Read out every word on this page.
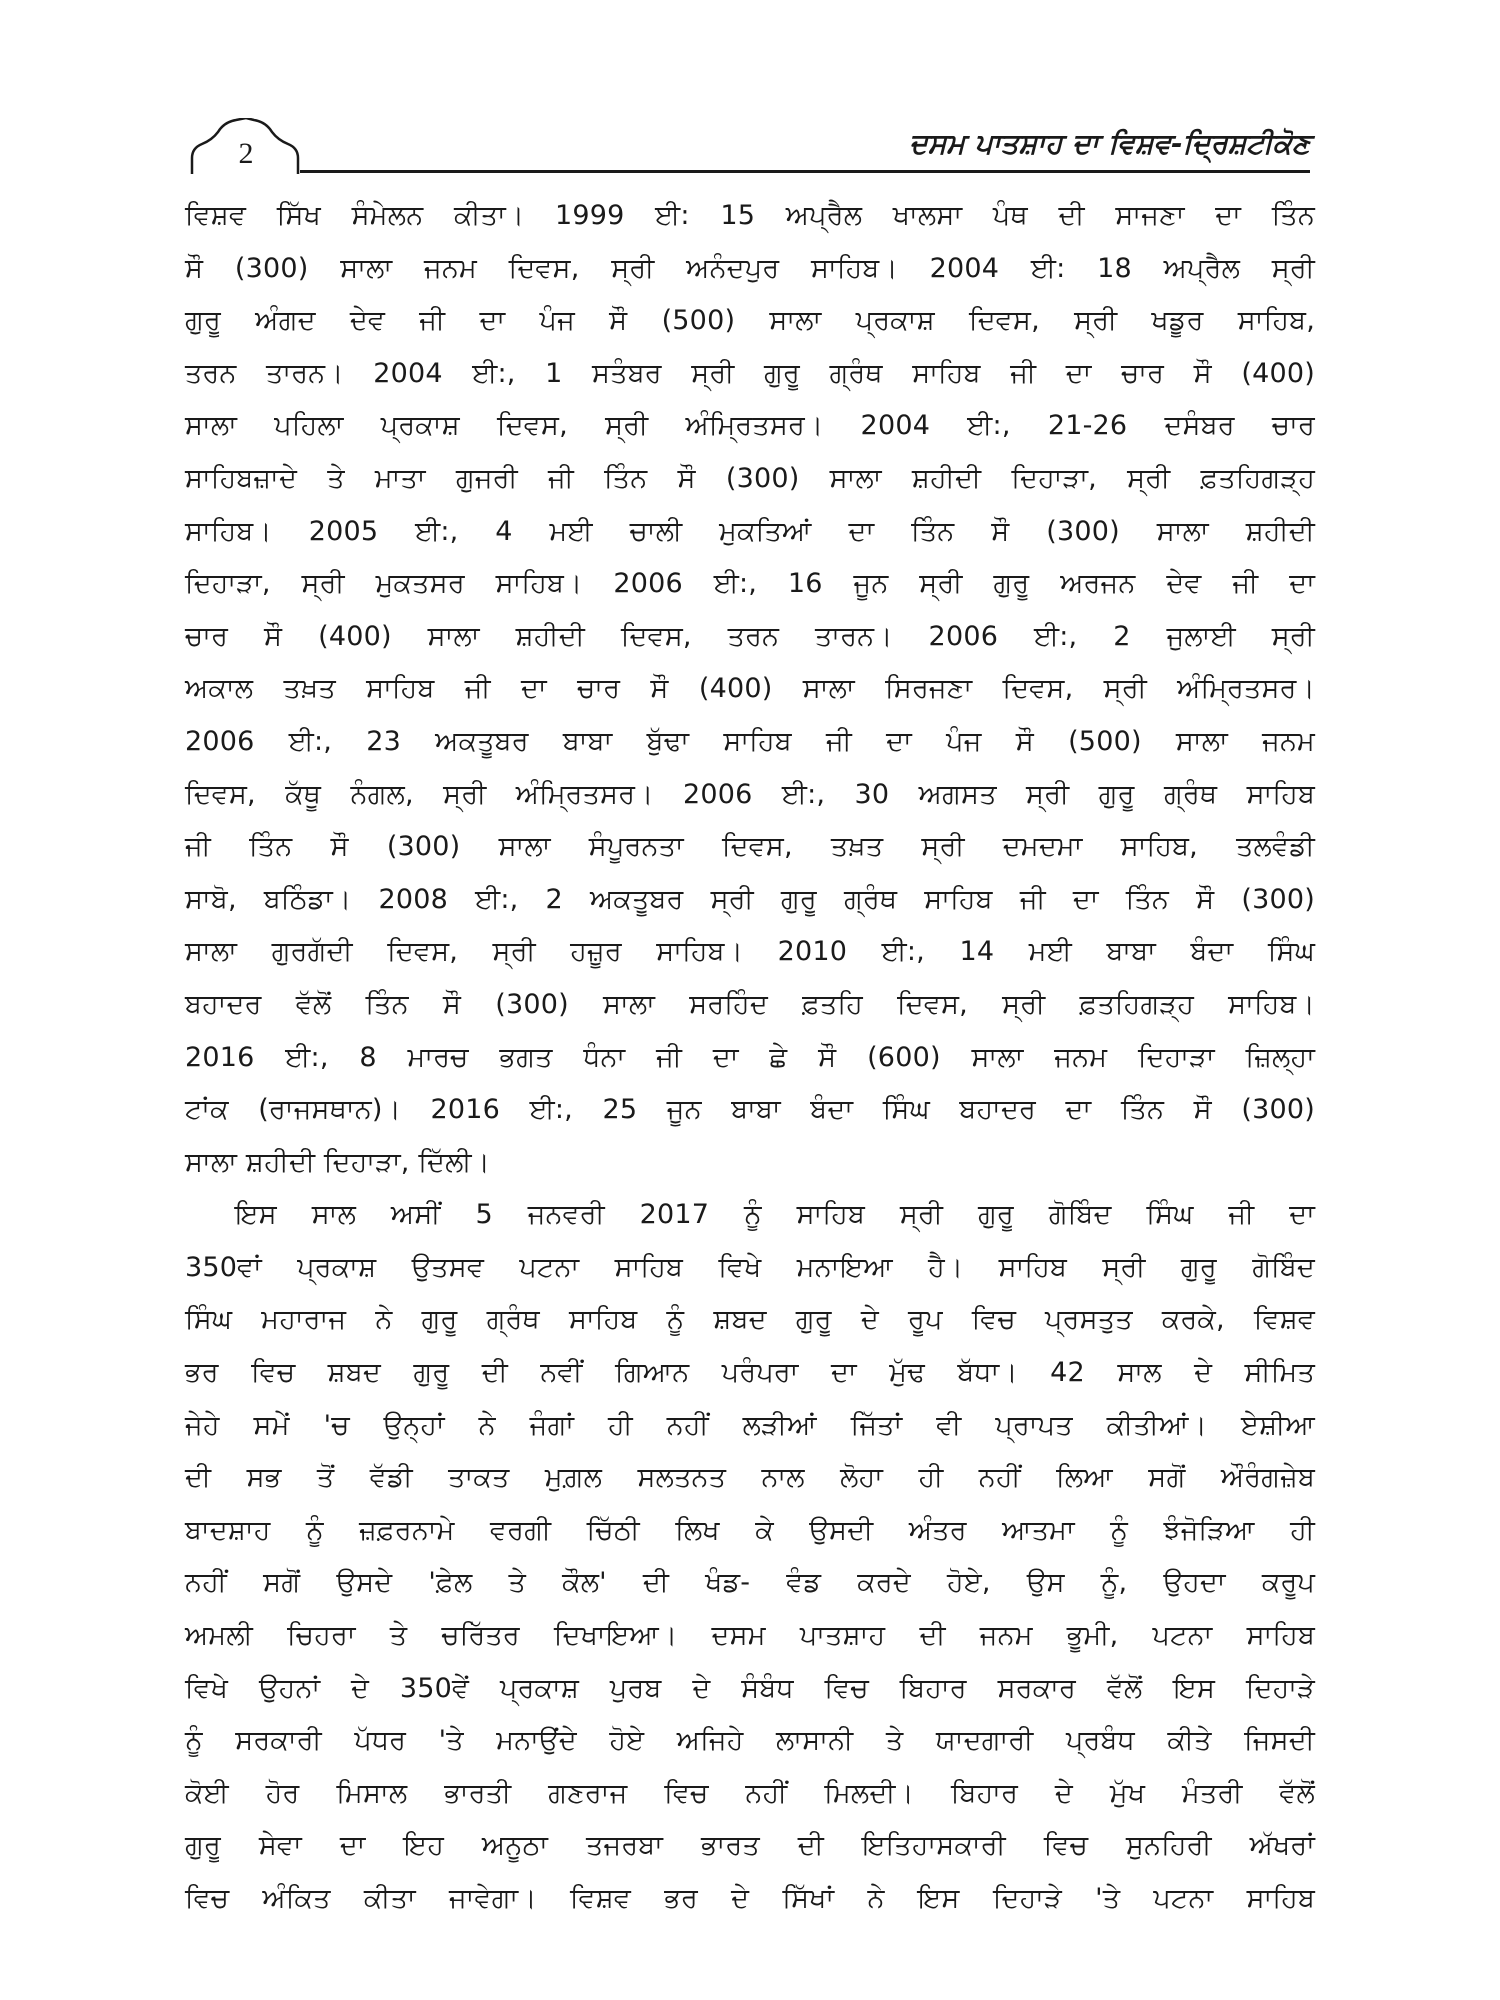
2	ਦਸਮ ਪਾਤਸ਼ਾਹ ਦਾ ਵਿਸ਼ਵ-ਦ੍ਰਿਸ਼ਟੀਕੋਣ

ਵਿਸ਼ਵ ਸਿੱਖ ਸੰਮੇਲਨ ਕੀਤਾ। 1999 ਈ: 15 ਅਪ੍ਰੈਲ ਖਾਲਸਾ ਪੰਥ ਦੀ ਸਾਜਣਾ ਦਾ ਤਿੰਨ
ਸੌ (300) ਸਾਲਾ ਜਨਮ ਦਿਵਸ, ਸ੍ਰੀ ਅਨੰਦਪੁਰ ਸਾਹਿਬ। 2004 ਈ: 18 ਅਪ੍ਰੈਲ ਸ੍ਰੀ
ਗੁਰੂ ਅੰਗਦ ਦੇਵ ਜੀ ਦਾ ਪੰਜ ਸੌ (500) ਸਾਲਾ ਪ੍ਰਕਾਸ਼ ਦਿਵਸ, ਸ੍ਰੀ ਖਡੂਰ ਸਾਹਿਬ,
ਤਰਨ ਤਾਰਨ। 2004 ਈ:, 1 ਸਤੰਬਰ ਸ੍ਰੀ ਗੁਰੂ ਗ੍ਰੰਥ ਸਾਹਿਬ ਜੀ ਦਾ ਚਾਰ ਸੌ (400)
ਸਾਲਾ ਪਹਿਲਾ ਪ੍ਰਕਾਸ਼ ਦਿਵਸ, ਸ੍ਰੀ ਅੰਮ੍ਰਿਤਸਰ। 2004 ਈ:, 21-26 ਦਸੰਬਰ ਚਾਰ
ਸਾਹਿਬਜ਼ਾਦੇ ਤੇ ਮਾਤਾ ਗੁਜਰੀ ਜੀ ਤਿੰਨ ਸੌ (300) ਸਾਲਾ ਸ਼ਹੀਦੀ ਦਿਹਾੜਾ, ਸ੍ਰੀ ਫ਼ਤਹਿਗੜ੍ਹ
ਸਾਹਿਬ। 2005 ਈ:, 4 ਮਈ ਚਾਲੀ ਮੁਕਤਿਆਂ ਦਾ ਤਿੰਨ ਸੌ (300) ਸਾਲਾ ਸ਼ਹੀਦੀ
ਦਿਹਾੜਾ, ਸ੍ਰੀ ਮੁਕਤਸਰ ਸਾਹਿਬ। 2006 ਈ:, 16 ਜੂਨ ਸ੍ਰੀ ਗੁਰੂ ਅਰਜਨ ਦੇਵ ਜੀ ਦਾ
ਚਾਰ ਸੌ (400) ਸਾਲਾ ਸ਼ਹੀਦੀ ਦਿਵਸ, ਤਰਨ ਤਾਰਨ। 2006 ਈ:, 2 ਜੁਲਾਈ ਸ੍ਰੀ
ਅਕਾਲ ਤਖ਼ਤ ਸਾਹਿਬ ਜੀ ਦਾ ਚਾਰ ਸੌ (400) ਸਾਲਾ ਸਿਰਜਣਾ ਦਿਵਸ, ਸ੍ਰੀ ਅੰਮ੍ਰਿਤਸਰ।
2006 ਈ:, 23 ਅਕਤੂਬਰ ਬਾਬਾ ਬੁੱਢਾ ਸਾਹਿਬ ਜੀ ਦਾ ਪੰਜ ਸੌ (500) ਸਾਲਾ ਜਨਮ
ਦਿਵਸ, ਕੱਥੂ ਨੰਗਲ, ਸ੍ਰੀ ਅੰਮ੍ਰਿਤਸਰ। 2006 ਈ:, 30 ਅਗਸਤ ਸ੍ਰੀ ਗੁਰੂ ਗ੍ਰੰਥ ਸਾਹਿਬ
ਜੀ ਤਿੰਨ ਸੌ (300) ਸਾਲਾ ਸੰਪੂਰਨਤਾ ਦਿਵਸ, ਤਖ਼ਤ ਸ੍ਰੀ ਦਮਦਮਾ ਸਾਹਿਬ, ਤਲਵੰਡੀ
ਸਾਬੋ, ਬਠਿੰਡਾ। 2008 ਈ:, 2 ਅਕਤੂਬਰ ਸ੍ਰੀ ਗੁਰੂ ਗ੍ਰੰਥ ਸਾਹਿਬ ਜੀ ਦਾ ਤਿੰਨ ਸੌ (300)
ਸਾਲਾ ਗੁਰਗੱਦੀ ਦਿਵਸ, ਸ੍ਰੀ ਹਜ਼ੂਰ ਸਾਹਿਬ। 2010 ਈ:, 14 ਮਈ ਬਾਬਾ ਬੰਦਾ ਸਿੰਘ
ਬਹਾਦਰ ਵੱਲੋਂ ਤਿੰਨ ਸੌ (300) ਸਾਲਾ ਸਰਹਿੰਦ ਫ਼ਤਹਿ ਦਿਵਸ, ਸ੍ਰੀ ਫ਼ਤਹਿਗੜ੍ਹ ਸਾਹਿਬ।
2016 ਈ:, 8 ਮਾਰਚ ਭਗਤ ਧੰਨਾ ਜੀ ਦਾ ਛੇ ਸੌ (600) ਸਾਲਾ ਜਨਮ ਦਿਹਾੜਾ ਜ਼ਿਲ੍ਹਾ
ਟਾਂਕ (ਰਾਜਸਥਾਨ)। 2016 ਈ:, 25 ਜੂਨ ਬਾਬਾ ਬੰਦਾ ਸਿੰਘ ਬਹਾਦਰ ਦਾ ਤਿੰਨ ਸੌ (300)
ਸਾਲਾ ਸ਼ਹੀਦੀ ਦਿਹਾੜਾ, ਦਿੱਲੀ।

ਇਸ ਸਾਲ ਅਸੀਂ 5 ਜਨਵਰੀ 2017 ਨੂੰ ਸਾਹਿਬ ਸ੍ਰੀ ਗੁਰੂ ਗੋਬਿੰਦ ਸਿੰਘ ਜੀ ਦਾ
350ਵਾਂ ਪ੍ਰਕਾਸ਼ ਉਤਸਵ ਪਟਨਾ ਸਾਹਿਬ ਵਿਖੇ ਮਨਾਇਆ ਹੈ। ਸਾਹਿਬ ਸ੍ਰੀ ਗੁਰੂ ਗੋਬਿੰਦ
ਸਿੰਘ ਮਹਾਰਾਜ ਨੇ ਗੁਰੂ ਗ੍ਰੰਥ ਸਾਹਿਬ ਨੂੰ ਸ਼ਬਦ ਗੁਰੂ ਦੇ ਰੂਪ ਵਿਚ ਪ੍ਰਸਤੁਤ ਕਰਕੇ, ਵਿਸ਼ਵ
ਭਰ ਵਿਚ ਸ਼ਬਦ ਗੁਰੂ ਦੀ ਨਵੀਂ ਗਿਆਨ ਪਰੰਪਰਾ ਦਾ ਮੁੱਢ ਬੱਧਾ। 42 ਸਾਲ ਦੇ ਸੀਮਿਤ
ਜੇਹੇ ਸਮੇਂ 'ਚ ਉਨ੍ਹਾਂ ਨੇ ਜੰਗਾਂ ਹੀ ਨਹੀਂ ਲੜੀਆਂ ਜਿੱਤਾਂ ਵੀ ਪ੍ਰਾਪਤ ਕੀਤੀਆਂ। ਏਸ਼ੀਆ
ਦੀ ਸਭ ਤੋਂ ਵੱਡੀ ਤਾਕਤ ਮੁਗ਼ਲ ਸਲਤਨਤ ਨਾਲ ਲੋਹਾ ਹੀ ਨਹੀਂ ਲਿਆ ਸਗੋਂ ਔਰੰਗਜ਼ੇਬ
ਬਾਦਸ਼ਾਹ ਨੂੰ ਜ਼ਫ਼ਰਨਾਮੇ ਵਰਗੀ ਚਿੱਠੀ ਲਿਖ ਕੇ ਉਸਦੀ ਅੰਤਰ ਆਤਮਾ ਨੂੰ ਝੰਜੋੜਿਆ ਹੀ
ਨਹੀਂ ਸਗੋਂ ਉਸਦੇ 'ਫ਼ੇਲ ਤੇ ਕੌਲ' ਦੀ ਖੰਡ- ਵੰਡ ਕਰਦੇ ਹੋਏ, ਉਸ ਨੂੰ, ਉਹਦਾ ਕਰੂਪ
ਅਮਲੀ ਚਿਹਰਾ ਤੇ ਚਰਿੱਤਰ ਦਿਖਾਇਆ। ਦਸਮ ਪਾਤਸ਼ਾਹ ਦੀ ਜਨਮ ਭੂਮੀ, ਪਟਨਾ ਸਾਹਿਬ
ਵਿਖੇ ਉਹਨਾਂ ਦੇ 350ਵੇਂ ਪ੍ਰਕਾਸ਼ ਪੁਰਬ ਦੇ ਸੰਬੰਧ ਵਿਚ ਬਿਹਾਰ ਸਰਕਾਰ ਵੱਲੋਂ ਇਸ ਦਿਹਾੜੇ
ਨੂੰ ਸਰਕਾਰੀ ਪੱਧਰ 'ਤੇ ਮਨਾਉਂਦੇ ਹੋਏ ਅਜਿਹੇ ਲਾਸਾਨੀ ਤੇ ਯਾਦਗਾਰੀ ਪ੍ਰਬੰਧ ਕੀਤੇ ਜਿਸਦੀ
ਕੋਈ ਹੋਰ ਮਿਸਾਲ ਭਾਰਤੀ ਗਣਰਾਜ ਵਿਚ ਨਹੀਂ ਮਿਲਦੀ। ਬਿਹਾਰ ਦੇ ਮੁੱਖ ਮੰਤਰੀ ਵੱਲੋਂ
ਗੁਰੂ ਸੇਵਾ ਦਾ ਇਹ ਅਨੂਠਾ ਤਜਰਬਾ ਭਾਰਤ ਦੀ ਇਤਿਹਾਸਕਾਰੀ ਵਿਚ ਸੁਨਹਿਰੀ ਅੱਖਰਾਂ
ਵਿਚ ਅੰਕਿਤ ਕੀਤਾ ਜਾਵੇਗਾ। ਵਿਸ਼ਵ ਭਰ ਦੇ ਸਿੱਖਾਂ ਨੇ ਇਸ ਦਿਹਾੜੇ 'ਤੇ ਪਟਨਾ ਸਾਹਿਬ
